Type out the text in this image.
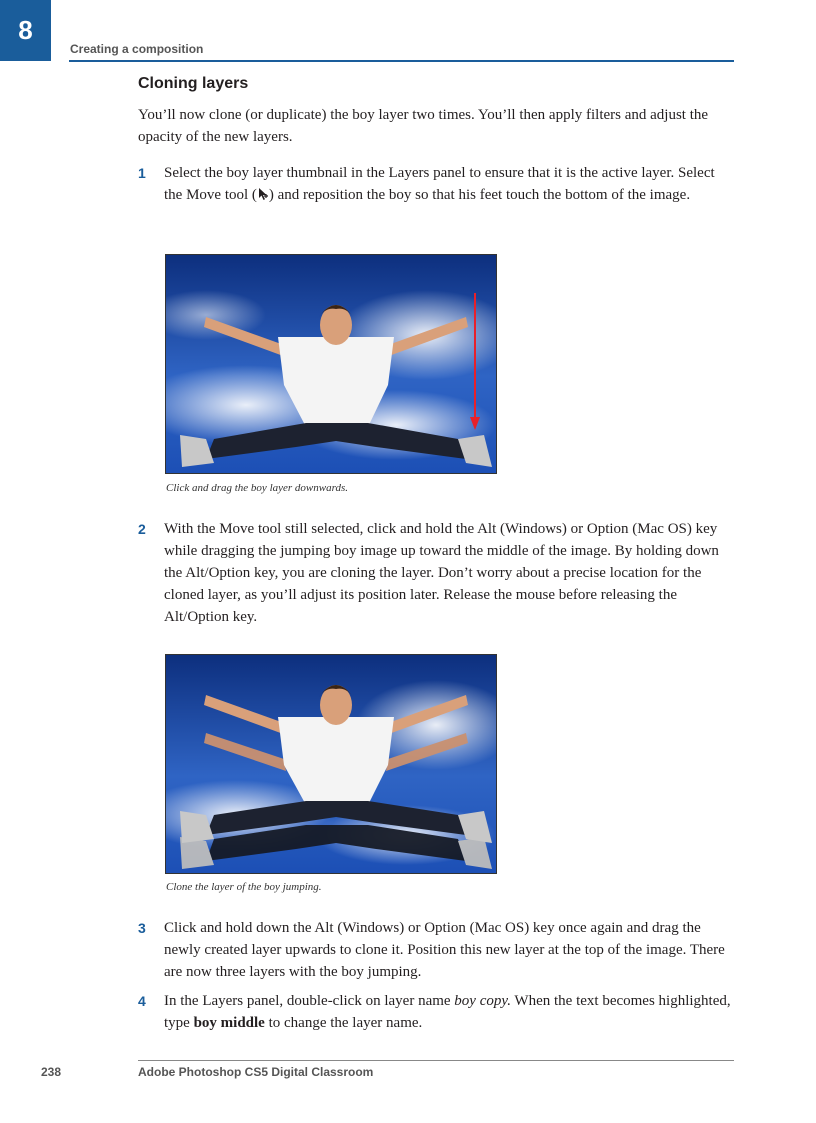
8
Creating a composition
Cloning layers
You’ll now clone (or duplicate) the boy layer two times. You’ll then apply filters and adjust the opacity of the new layers.
1 Select the boy layer thumbnail in the Layers panel to ensure that it is the active layer. Select the Move tool ( ) and reposition the boy so that his feet touch the bottom of the image.
Click and drag the boy layer downwards.
2 With the Move tool still selected, click and hold the Alt (Windows) or Option (Mac OS) key while dragging the jumping boy image up toward the middle of the image. By holding down the Alt/Option key, you are cloning the layer. Don’t worry about a precise location for the cloned layer, as you’ll adjust its position later. Release the mouse before releasing the Alt/Option key.
Clone the layer of the boy jumping.
3 Click and hold down the Alt (Windows) or Option (Mac OS) key once again and drag the newly created layer upwards to clone it. Position this new layer at the top of the image. There are now three layers with the boy jumping.
4 In the Layers panel, double-click on layer name boy copy. When the text becomes highlighted, type boy middle to change the layer name.
238	Adobe Photoshop CS5 Digital Classroom
